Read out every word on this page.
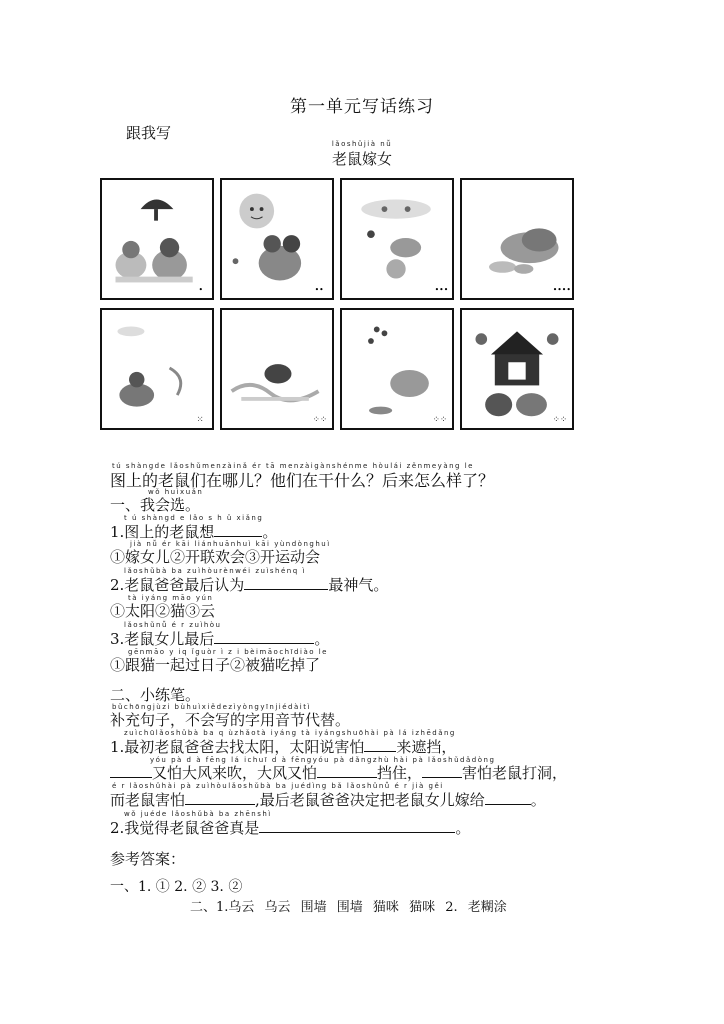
第一单元写话练习
跟我写
lǎoshǔjià nǚ
老鼠嫁女
•	••	•••	••••
⁙	⁘⁘	⁘⁘	⁘⁘
tú shàngde lǎoshǔmenzàinǎ ér tā menzàigànshénme hòulái zěnmeyàng le
图上的老鼠们在哪儿？他们在干什么？后来怎么样了？
wǒ huìxuǎn
一、我会选。
t ú shàngd e lǎo s h ǔ xiǎng
1.图上的老鼠想	。
jià nǚ ér kāi liánhuānhuì kāi yùndònghuì
①嫁女儿②开联欢会③开运动会
lǎoshǔbà ba zuìhòurènwéi zuìshénq ì
2.老鼠爸爸最后认为	最神气。
tà iyáng māo yún
①太阳②猫③云
lǎoshǔnǚ é r zuìhòu
3.老鼠女儿最后	。
gēnmāo y iq ǐguòr ì z i bèimāochīdiào le
①跟猫一起过日子②被猫吃掉了
二、小练笔。
bǔchōngjùzi bùhuìxiědezìyòngyīnjiédàitì
补充句子，不会写的字用音节代替。
zuìchūlǎoshǔbà ba q ùzhǎotà iyáng tà iyángshuōhài pà lá izhēdǎng
1.最初老鼠爸爸去找太阳，太阳说害怕 来遮挡，
yóu pà d à fēng lá ichuī d à fēngyóu pà dǎngzhù hài pà lǎoshǔdǎdòng
又怕大风来吹，大风又怕	挡住，	害怕老鼠打洞，
é r lǎoshǔhài pà zuìhòulǎoshǔbà ba juédìng bǎ lǎoshǔnǚ é r jià gěi
而老鼠害怕	,最后老鼠爸爸决定把老鼠女儿嫁给	。
wǒ juéde lǎoshǔbà ba zhēnshì
2.我觉得老鼠爸爸真是	。
参考答案：
一、1. ① 2. ② 3. ②
二、1.乌云 乌云 围墙 围墙 猫咪 猫咪 2. 老糊涂
